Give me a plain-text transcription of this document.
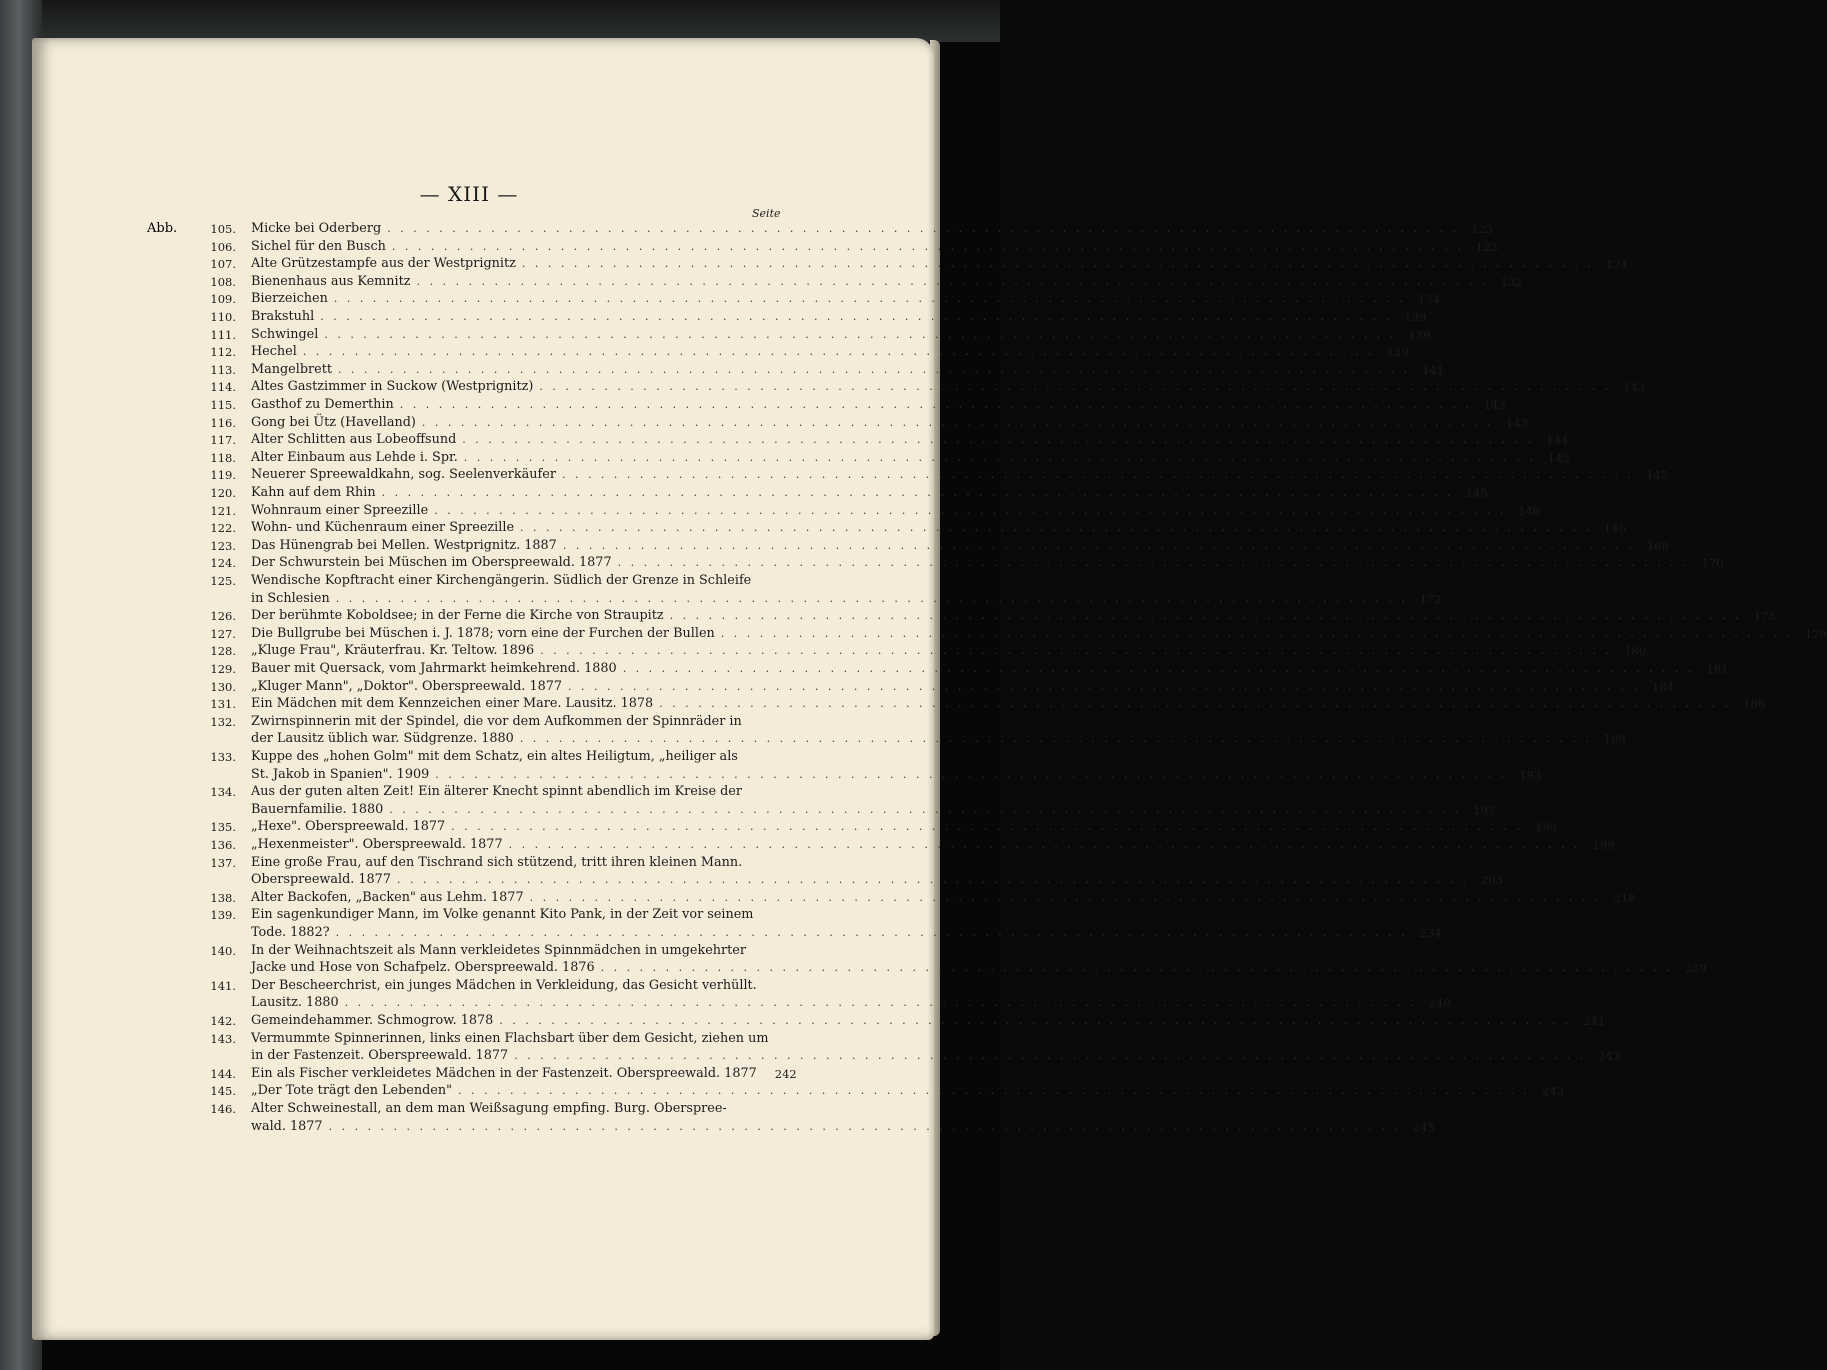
— XIII —
Seite
Abb.	105. Micke bei Oderberg . . .	123
106. Sichel für den Busch . . .	123
107. Alte Grützestampfe aus der Westprignitz . . .	124
108. Bienenhaus aus Kemnitz . . .	132
109. Bierzeichen . . .	134
110. Brakstuhl . . .	139
111. Schwingel . . .	139
112. Hechel . . .	139
113. Mangelbrett . . .	141
114. Altes Gastzimmer in Suckow (Westprignitz) . . .	143
115. Gasthof zu Demerthin . . .	143
116. Gong bei Ütz (Havelland) . . .	143
117. Alter Schlitten aus Lobeoffsund . . .	144
118. Alter Einbaum aus Lehde i. Spr. . . .	145
119. Neuerer Spreewaldkahn, sog. Seelenverkäufer . . .	145
120. Kahn auf dem Rhin . . .	145
121. Wohnraum einer Spreezille . . .	146
122. Wohn- und Küchenraum einer Spreezille . . .	146
123. Das Hünengrab bei Mellen. Westprignitz. 1887 . . .	168
124. Der Schwurstein bei Müschen im Oberspreewald. 1877 . . .	170
125. Wendische Kopftracht einer Kirchengängerin. Südlich der Grenze in Schleife
in Schlesien . . .	172
126. Der berühmte Koboldsee; in der Ferne die Kirche von Straupitz . . .	175
127. Die Bullgrube bei Müschen i. J. 1878; vorn eine der Furchen der Bullen . . .	179
128. „Kluge Frau", Kräuterfrau. Kr. Teltow. 1896 . . .	180
129. Bauer mit Quersack, vom Jahrmarkt heimkehrend. 1880 . . .	181
130. „Kluger Mann", „Doktor". Oberspreewald. 1877 . . .	184
131. Ein Mädchen mit dem Kennzeichen einer Mare. Lausitz. 1878 . . .	186
132. Zwirnspinnerin mit der Spindel, die vor dem Aufkommen der Spinnräder in
der Lausitz üblich war. Südgrenze. 1880 . . .	189
133. Kuppe des „hohen Golm" mit dem Schatz, ein altes Heiligtum, „heiliger als
St. Jakob in Spanien". 1909 . . .	193
134. Aus der guten alten Zeit! Ein älterer Knecht spinnt abendlich im Kreise der
Bauernfamilie. 1880 . . .	197
135. „Hexe". Oberspreewald. 1877 . . .	198
136. „Hexenmeister". Oberspreewald. 1877 . . .	199
137. Eine große Frau, auf den Tischrand sich stützend, tritt ihren kleinen Mann.
Oberspreewald. 1877 . . .	203
138. Alter Backofen, „Backen" aus Lehm. 1877 . . .	218
139. Ein sagenkundiger Mann, im Volke genannt Kito Pank, in der Zeit vor seinem
Tode. 1882? . . .	234
140. In der Weihnachtszeit als Mann verkleidetes Spinnmädchen in umgekehrter
Jacke und Hose von Schafpelz. Oberspreewald. 1876 . . .	239
141. Der Bescheerchrist, ein junges Mädchen in Verkleidung, das Gesicht verhüllt.
Lausitz. 1880 . . .	240
142. Gemeindehammer. Schmogrow. 1878 . . .	241
143. Vermummte Spinnerinnen, links einen Flachsbart über dem Gesicht, ziehen um
in der Fastenzeit. Oberspreewald. 1877 . . .	242
144. Ein als Fischer verkleidetes Mädchen in der Fastenzeit. Oberspreewald. 1877	242
145. „Der Tote trägt den Lebenden" . . .	243
146. Alter Schweinestall, an dem man Weißsagung empfing. Burg. Oberspree-
wald. 1877 . . .	245
